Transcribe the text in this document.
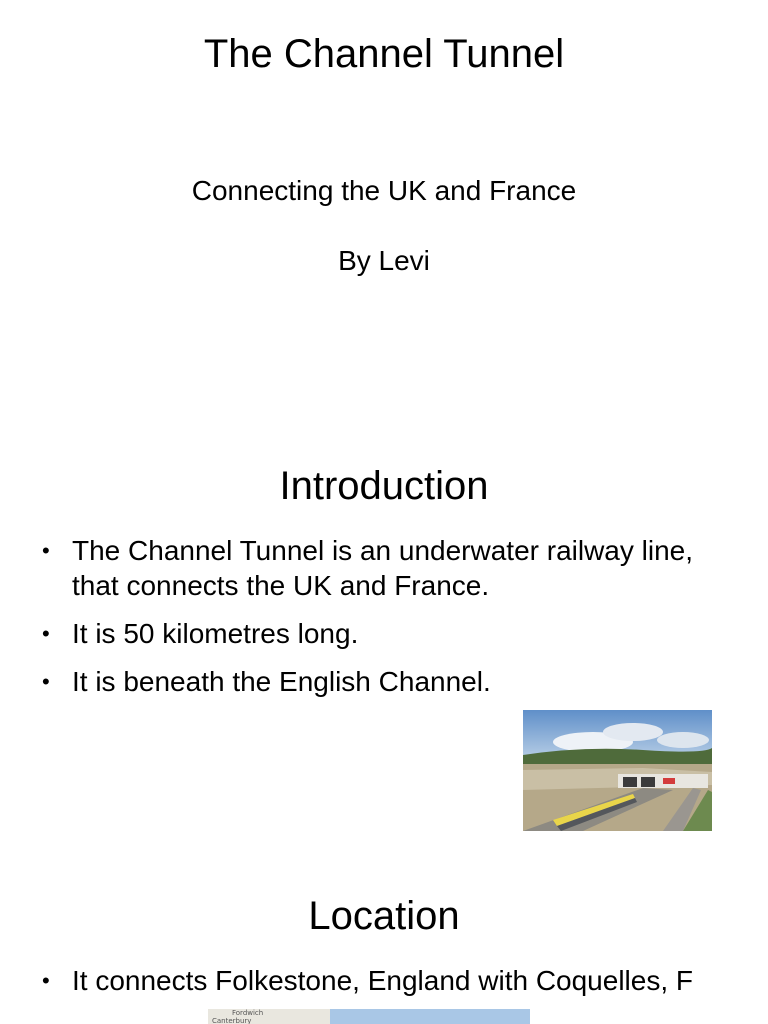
The Channel Tunnel
Connecting the UK and France
By Levi
Introduction
• The Channel Tunnel is an underwater railway line, that connects the UK and France.
• It is 50 kilometres long.
• It is beneath the English Channel.
Location
• It connects Folkestone, England with Coquelles, F
Fordwich
Canterbury
